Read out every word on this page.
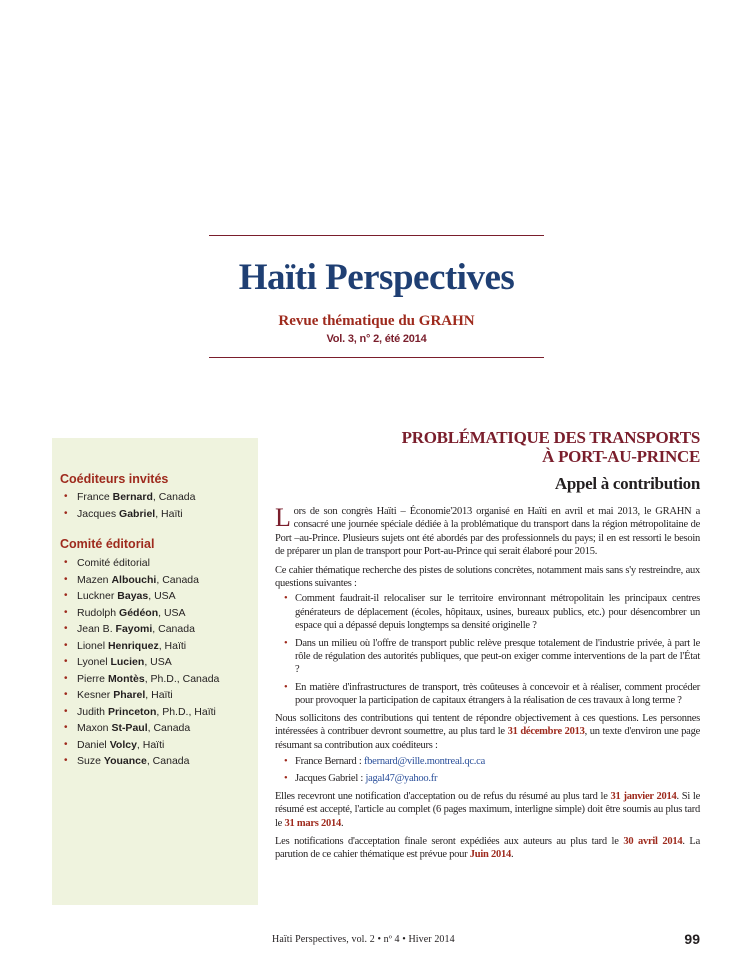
Haïti Perspectives

Revue thématique du GRAHN

Vol. 3, n° 2, été 2014

Coéditeurs invités
• France Bernard, Canada
• Jacques Gabriel, Haïti
Comité éditorial
• Comité éditorial
• Mazen Albouchi, Canada
• Luckner Bayas, USA
• Rudolph Gédéon, USA
• Jean B. Fayomi, Canada
• Lionel Henriquez, Haïti
• Lyonel Lucien, USA
• Pierre Montès, Ph.D., Canada
• Kesner Pharel, Haïti
• Judith Princeton, Ph.D., Haïti
• Maxon St-Paul, Canada
• Daniel Volcy, Haïti
• Suze Youance, Canada
PROBLÉMATIQUE DES TRANSPORTS
À PORT-AU-PRINCE
Appel à contribution

Lors de son congrès Haïti – Économie'2013 organisé en Haïti en avril et mai 2013, le GRAHN a consacré une journée spéciale dédiée à la problématique du transport dans la région métropolitaine de Port –au-Prince. Plusieurs sujets ont été abordés par des professionnels du pays; il en est ressorti le besoin de préparer un plan de transport pour Port-au-Prince qui serait élaboré pour 2015.

Ce cahier thématique recherche des pistes de solutions concrètes, notamment mais sans s'y restreindre, aux questions suivantes :

• Comment faudrait-il relocaliser sur le territoire environnant métropolitain les principaux centres générateurs de déplacement (écoles, hôpitaux, usines, bureaux publics, etc.) pour désencombrer un espace qui a dépassé depuis longtemps sa densité originelle ?
• Dans un milieu où l'offre de transport public relève presque totalement de l'industrie privée, à part le rôle de régulation des autorités publiques, que peut-on exiger comme interventions de la part de l'État ?
• En matière d'infrastructures de transport, très coûteuses à concevoir et à réaliser, comment procéder pour provoquer la participation de capitaux étrangers à la réalisation de ces travaux à long terme ?

Nous sollicitons des contributions qui tentent de répondre objectivement à ces questions. Les personnes intéressées à contribuer devront soumettre, au plus tard le 31 décembre 2013, un texte d'environ une page résumant sa contribution aux coéditeurs :

• France Bernard : fbernard@ville.montreal.qc.ca
• Jacques Gabriel : jagal47@yahoo.fr

Elles recevront une notification d'acceptation ou de refus du résumé au plus tard le 31 janvier 2014. Si le résumé est accepté, l'article au complet (6 pages maximum, interligne simple) doit être soumis au plus tard le 31 mars 2014.

Les notifications d'acceptation finale seront expédiées aux auteurs au plus tard le 30 avril 2014. La parution de ce cahier thématique est prévue pour Juin 2014.

Haïti Perspectives, vol. 2 • nº 4 • Hiver 2014	99
